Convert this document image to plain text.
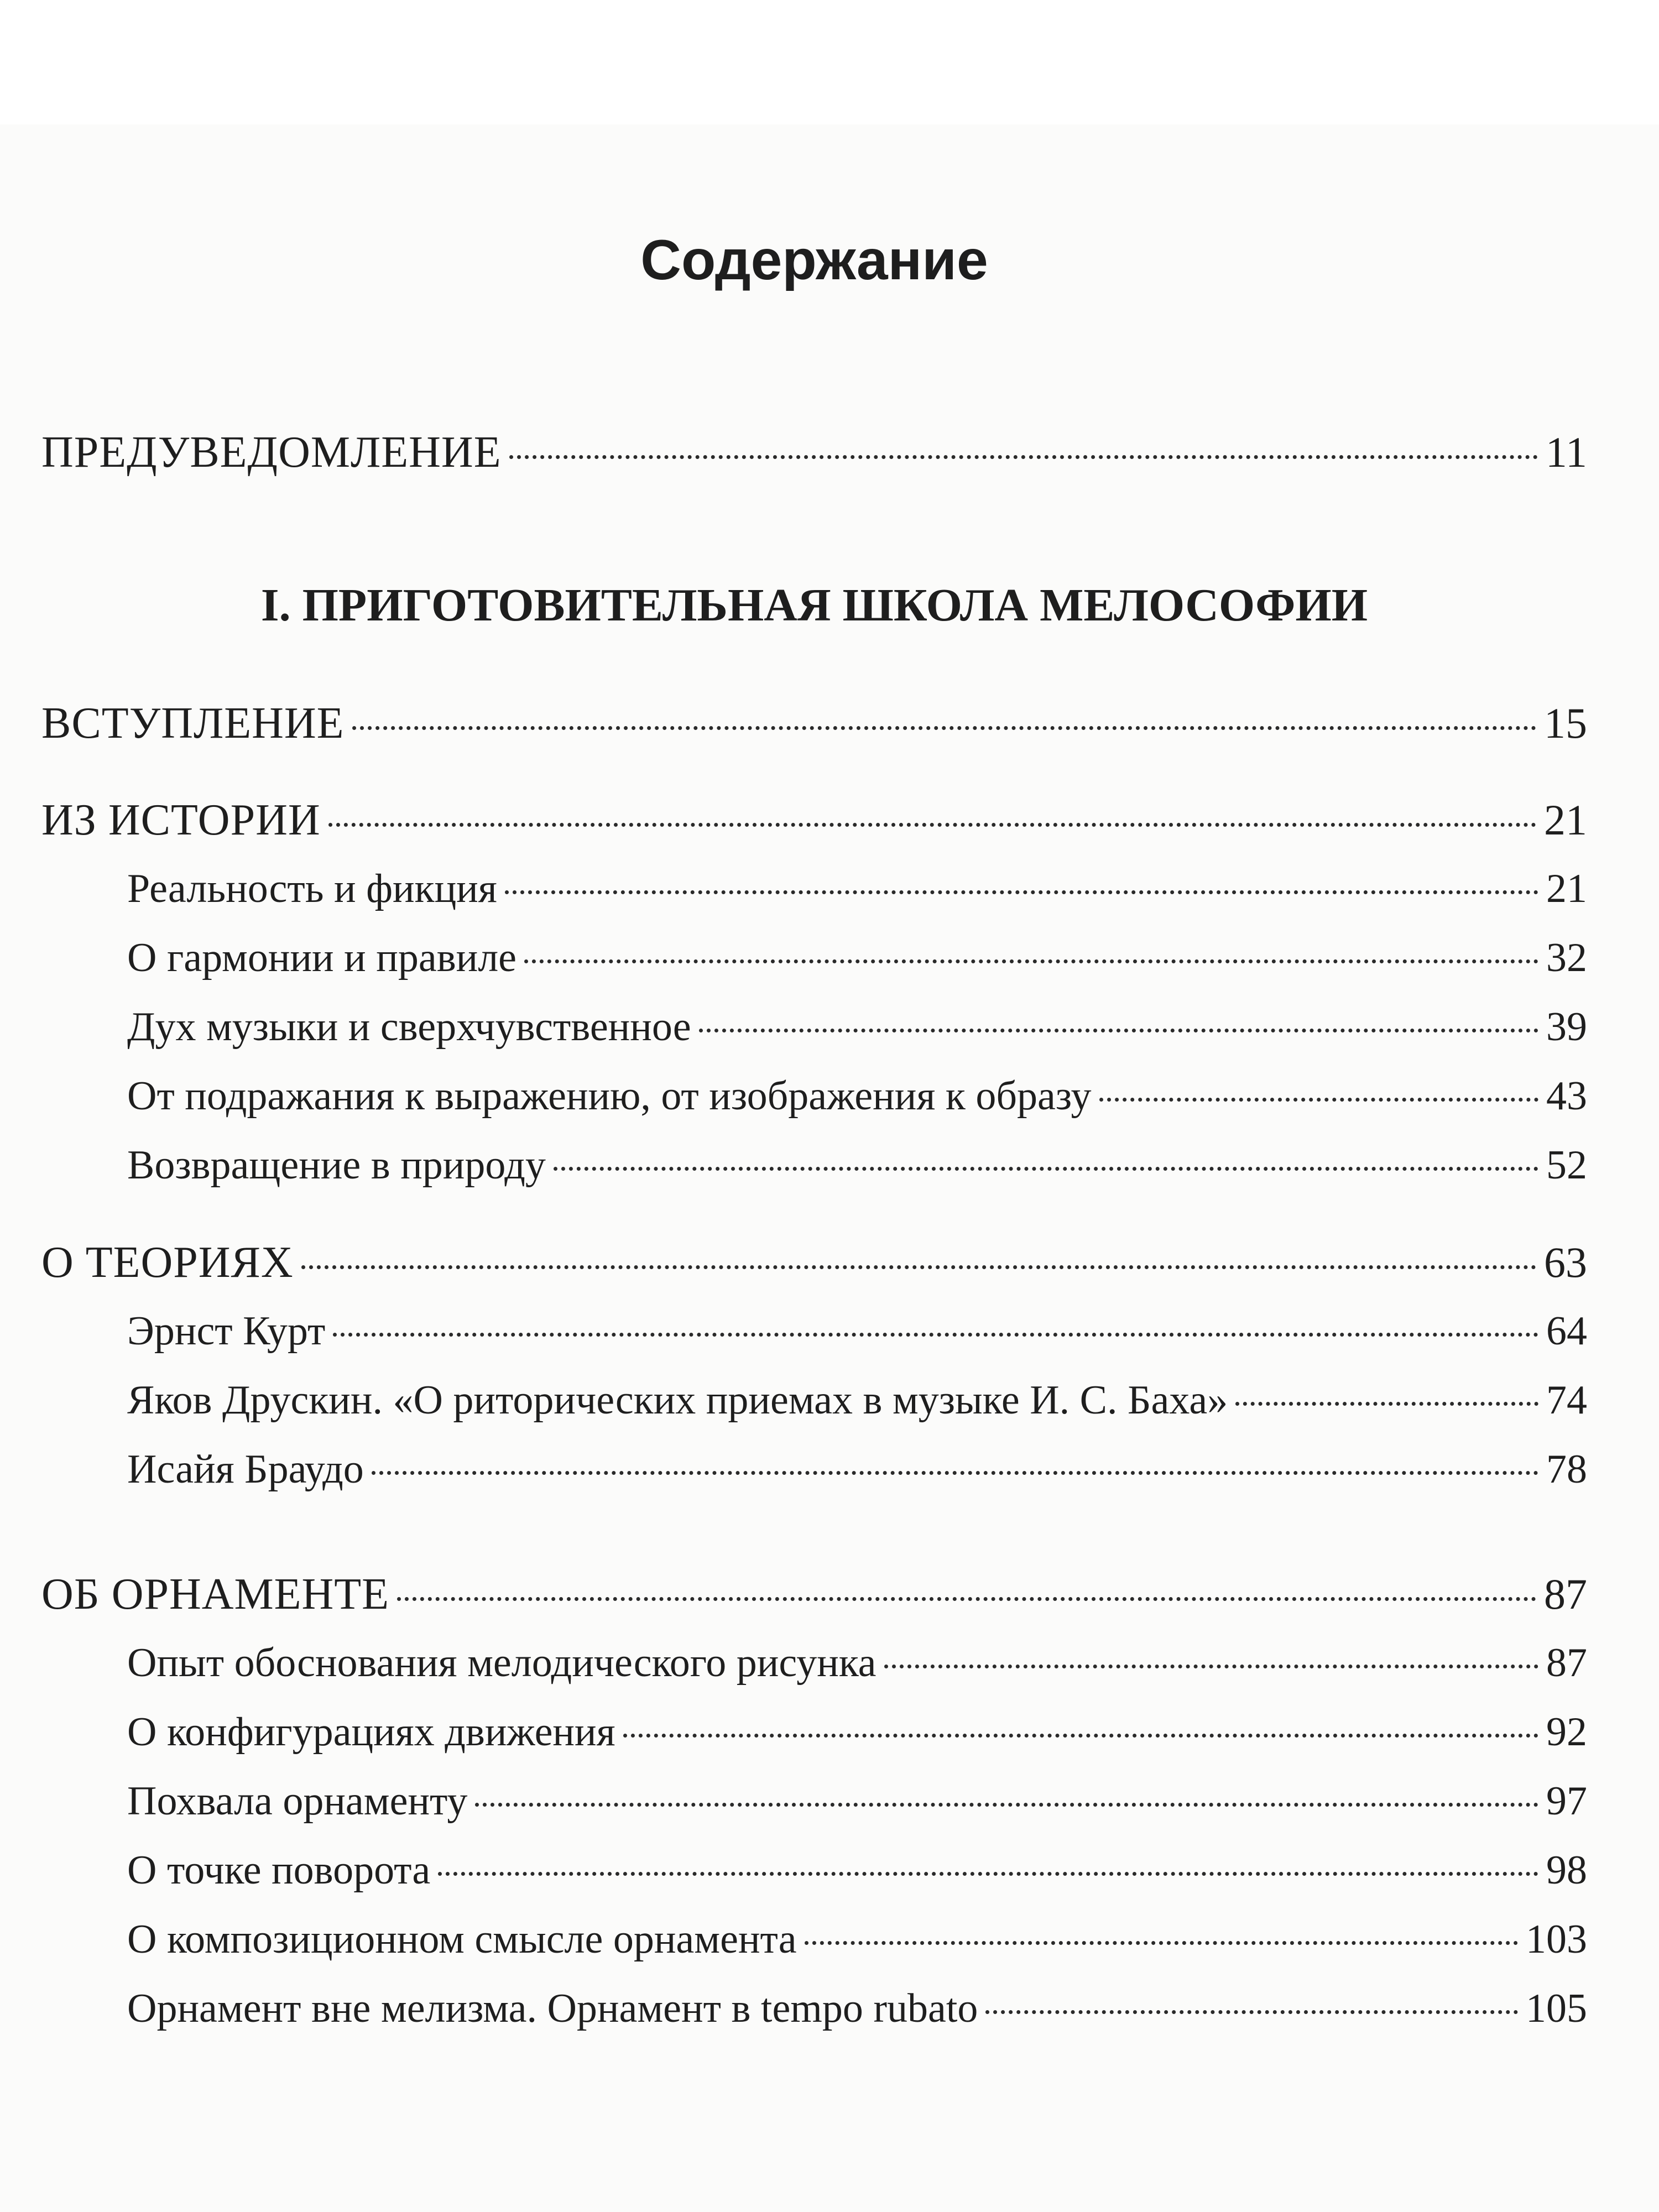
Содержание
ПРЕДУВЕДОМЛЕНИЕ	11
I. ПРИГОТОВИТЕЛЬНАЯ ШКОЛА МЕЛОСОФИИ
ВСТУПЛЕНИЕ	15
ИЗ ИСТОРИИ	21
Реальность и фикция	21
О гармонии и правиле	32
Дух музыки и сверхчувственное	39
От подражания к выражению, от изображения к образу	43
Возвращение в природу	52
О ТЕОРИЯХ	63
Эрнст Курт	64
Яков Друскин. «О риторических приемах в музыке И. С. Баха»	74
Исайя Браудо	78
ОБ ОРНАМЕНТЕ	87
Опыт обоснования мелодического рисунка	87
О конфигурациях движения	92
Похвала орнаменту	97
О точке поворота	98
О композиционном смысле орнамента	103
Орнамент вне мелизма. Орнамент в tempo rubato	105
